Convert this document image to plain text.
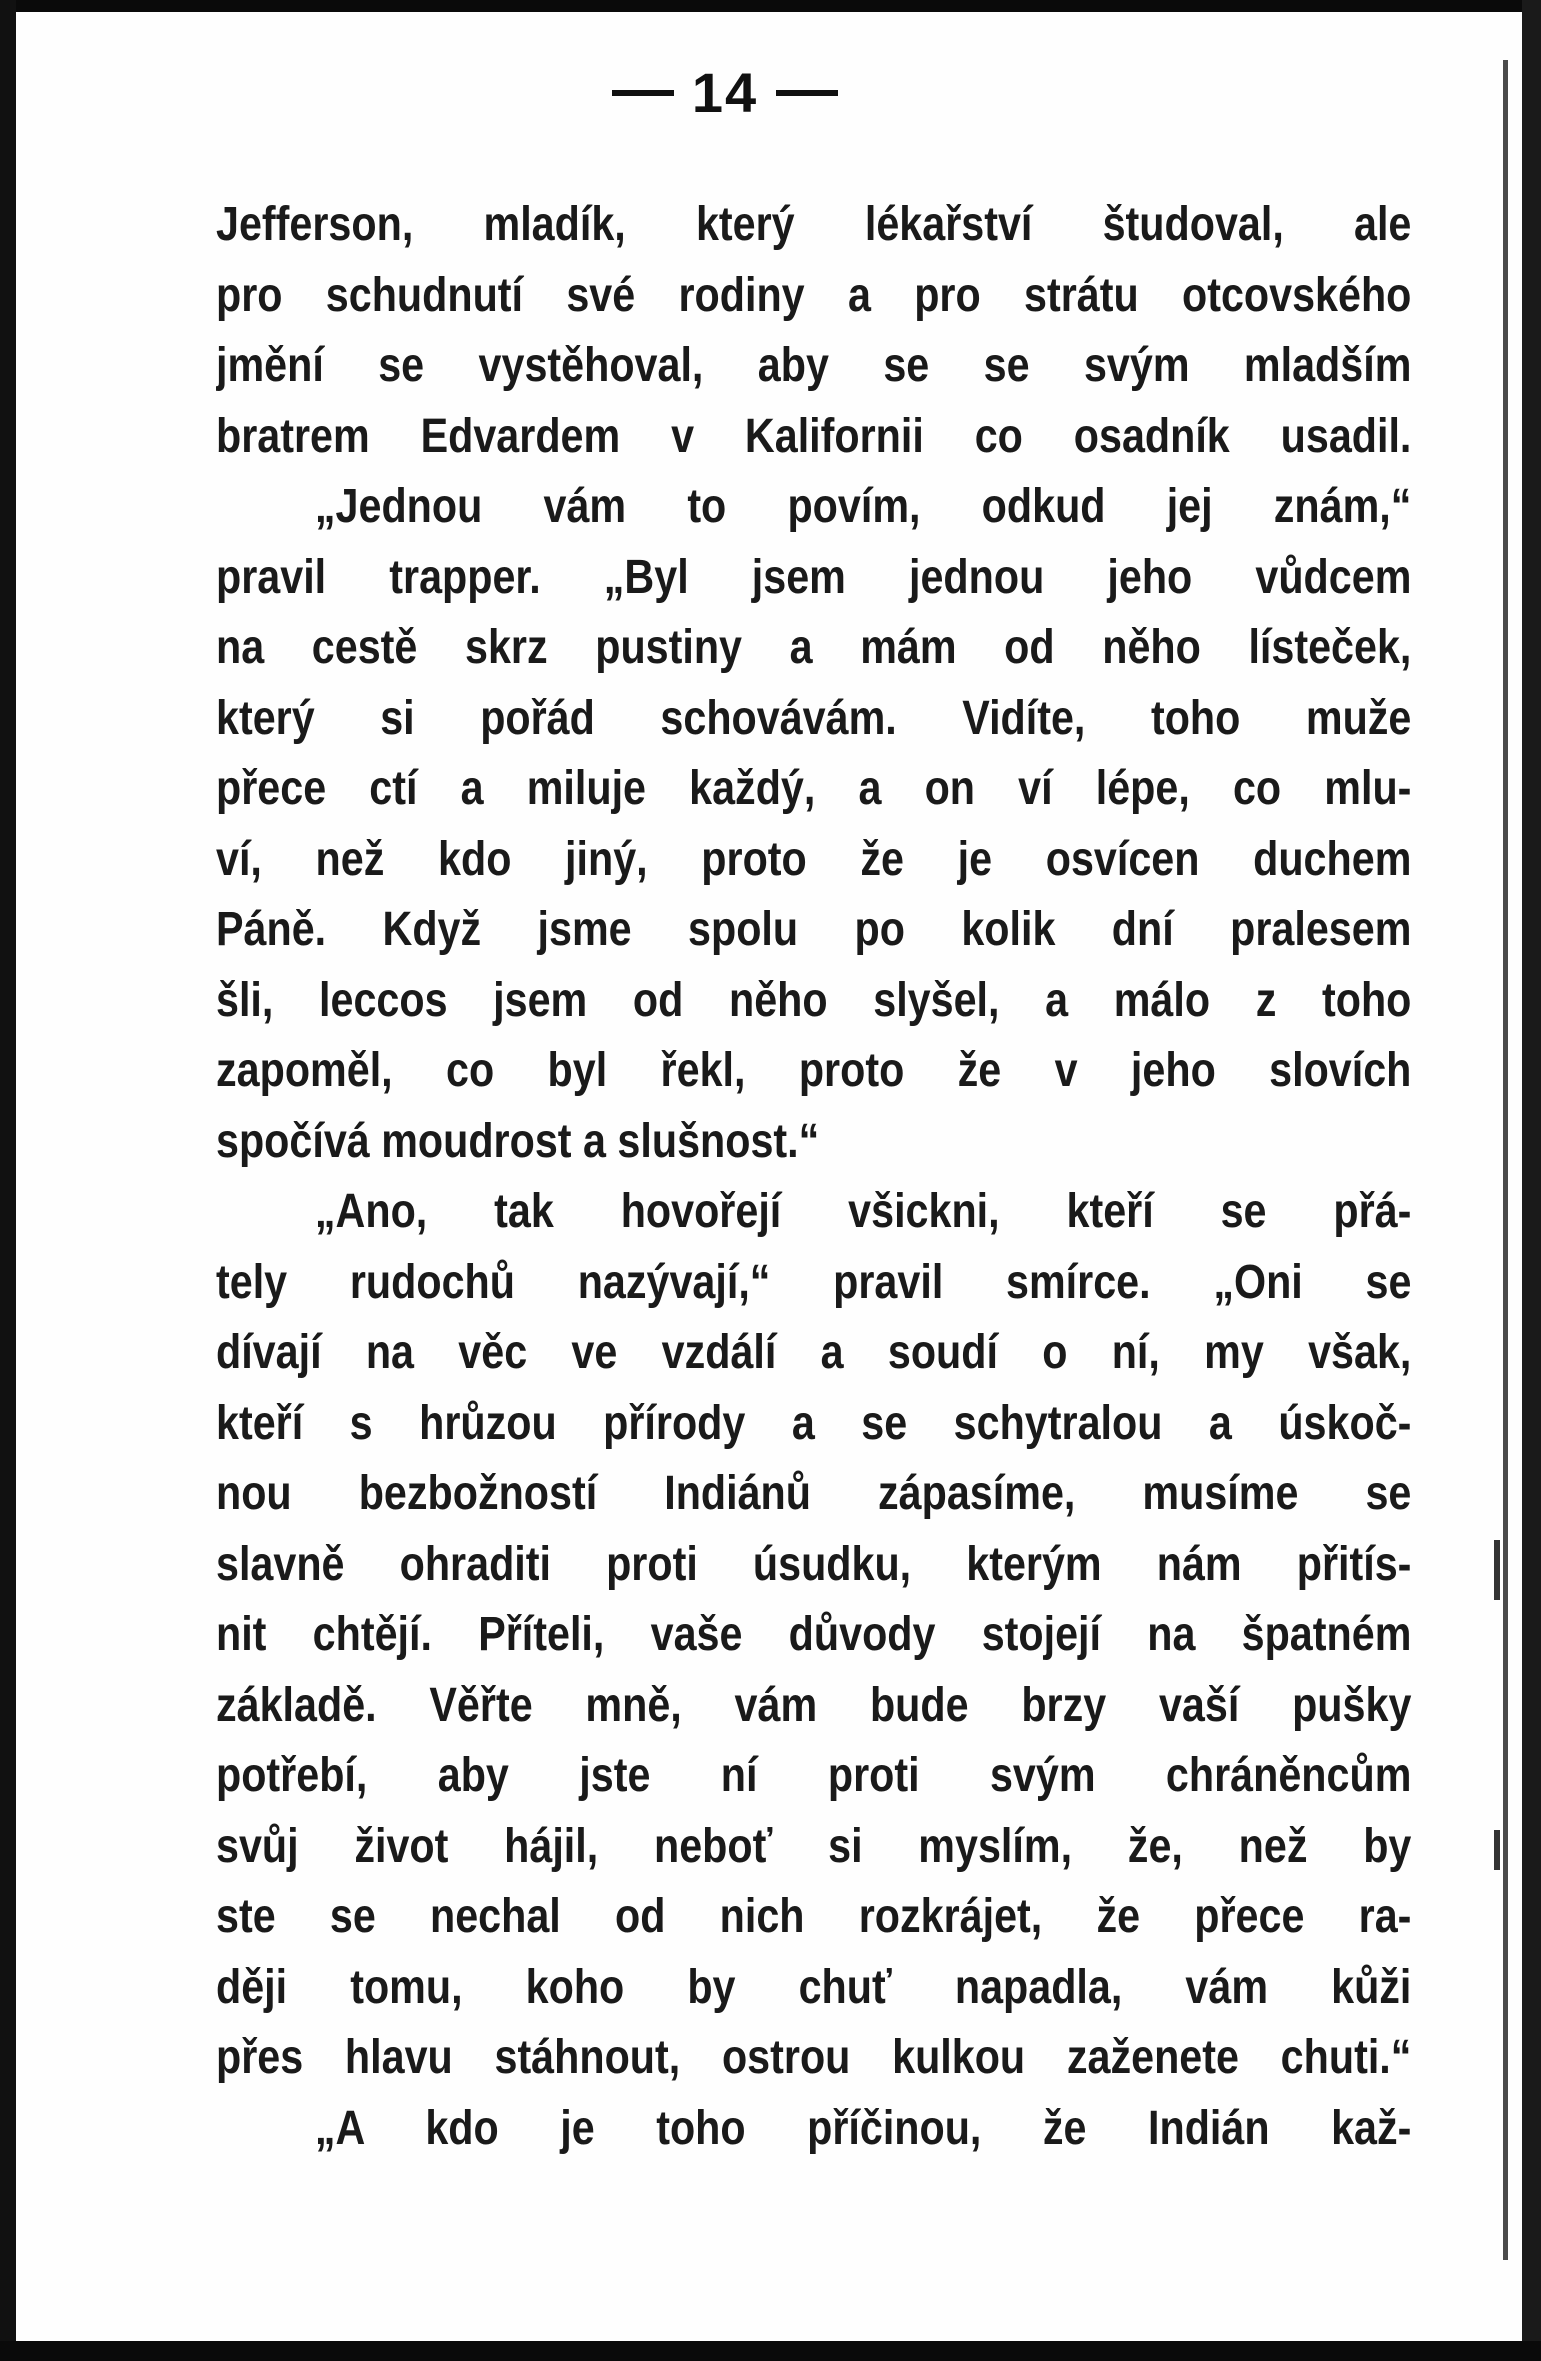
14
Jefferson, mladík, který lékařství študoval, ale
pro schudnutí své rodiny a pro strátu otcovského
jmění se vystěhoval, aby se se svým mladším
bratrem Edvardem v Kalifornii co osadník usadil.
„Jednou vám to povím, odkud jej znám,“
pravil trapper. „Byl jsem jednou jeho vůdcem
na cestě skrz pustiny a mám od něho lísteček,
který si pořád schovávám. Vidíte, toho muže
přece ctí a miluje každý, a on ví lépe, co mlu-
ví, než kdo jiný, proto že je osvícen duchem
Páně. Když jsme spolu po kolik dní pralesem
šli, leccos jsem od něho slyšel, a málo z toho
zapoměl, co byl řekl, proto že v jeho slovích
spočívá moudrost a slušnost.“
„Ano, tak hovořejí všickni, kteří se přá-
tely rudochů nazývají,“ pravil smírce. „Oni se
dívají na věc ve vzdálí a soudí o ní, my však,
kteří s hrůzou přírody a se schytralou a úskoč-
nou bezbožností Indiánů zápasíme, musíme se
slavně ohraditi proti úsudku, kterým nám přitís-
nit chtějí. Příteli, vaše důvody stojejí na špatném
základě. Věřte mně, vám bude brzy vaší pušky
potřebí, aby jste ní proti svým chráněncům
svůj život hájil, neboť si myslím, že, než by
ste se nechal od nich rozkrájet, že přece ra-
ději tomu, koho by chuť napadla, vám kůži
přes hlavu stáhnout, ostrou kulkou zaženete chuti.“
„A kdo je toho příčinou, že Indián kaž-
